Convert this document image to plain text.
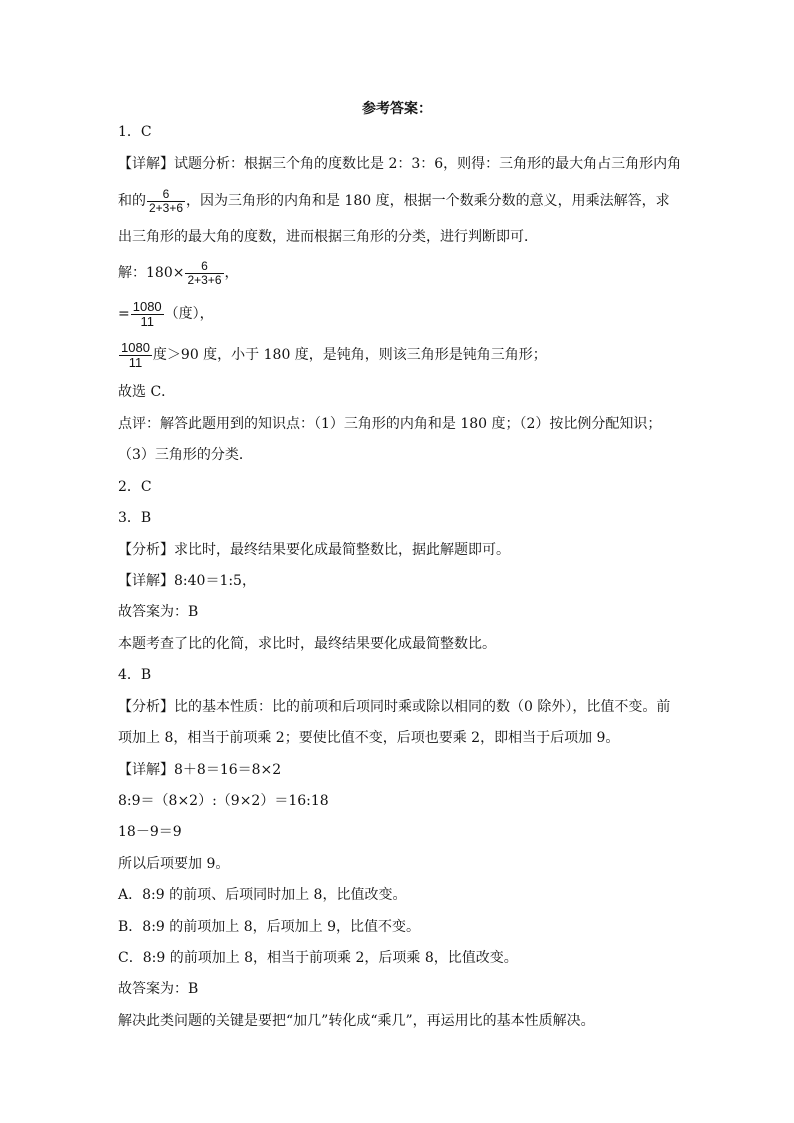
参考答案：
1．C
【详解】试题分析：根据三个角的度数比是 2：3：6，则得：三角形的最大角占三角形内角
和的 $\frac{6}{2+3+6}$ ，因为三角形的内角和是 180 度，根据一个数乘分数的意义，用乘法解答，求
出三角形的最大角的度数，进而根据三角形的分类，进行判断即可．
解：$180\times \frac{6}{2+3+6}$ ，
= $\frac{1080}{11}$ （度），
$\frac{1080}{11}$ 度＞90 度，小于 180 度，是钝角，则该三角形是钝角三角形；
故选 C．
点评：解答此题用到的知识点：（1）三角形的内角和是 180 度；（2）按比例分配知识；
（3）三角形的分类．
2．C
3．B
【分析】求比时，最终结果要化成最简整数比，据此解题即可。
【详解】8:40＝1:5，
故答案为：B
本题考查了比的化简，求比时，最终结果要化成最简整数比。
4．B
【分析】比的基本性质：比的前项和后项同时乘或除以相同的数（0 除外），比值不变。前
项加上 8，相当于前项乘 2；要使比值不变，后项也要乘 2，即相当于后项加 9。
【详解】8＋8＝16＝8×2
8:9＝（8×2）:（9×2）＝16:18
18－9＝9
所以后项要加 9。
A．8:9 的前项、后项同时加上 8，比值改变。
B．8:9 的前项加上 8，后项加上 9，比值不变。
C．8:9 的前项加上 8，相当于前项乘 2，后项乘 8，比值改变。
故答案为：B
解决此类问题的关键是要把“加几”转化成“乘几”，再运用比的基本性质解决。
